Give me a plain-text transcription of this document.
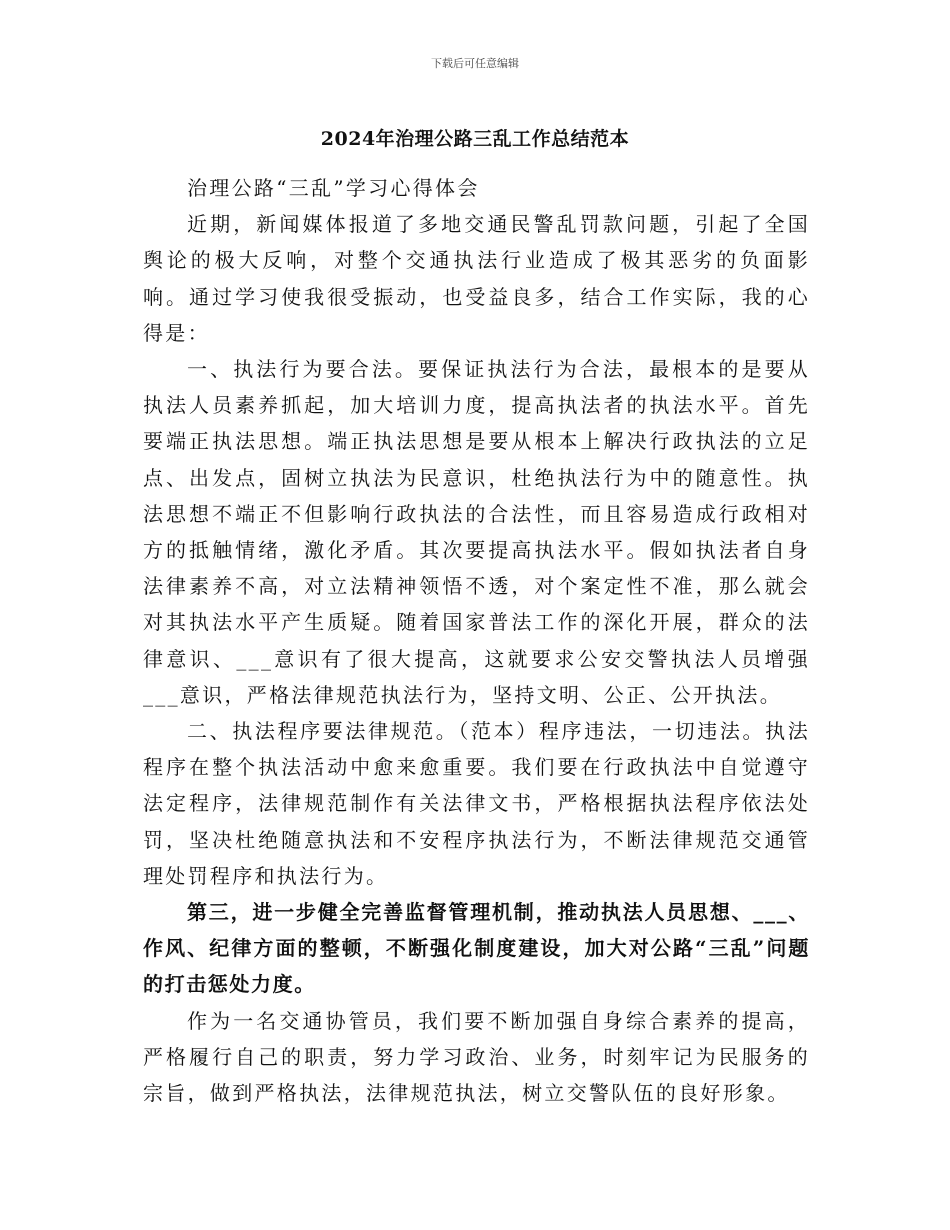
下载后可任意编辑
2024年治理公路三乱工作总结范本

治理公路“三乱”学习心得体会

近期，新闻媒体报道了多地交通民警乱罚款问题，引起了全国舆论的极大反响，对整个交通执法行业造成了极其恶劣的负面影响。通过学习使我很受振动，也受益良多，结合工作实际，我的心得是：

一、执法行为要合法。要保证执法行为合法，最根本的是要从执法人员素养抓起，加大培训力度，提高执法者的执法水平。首先要端正执法思想。端正执法思想是要从根本上解决行政执法的立足点、出发点，固树立执法为民意识，杜绝执法行为中的随意性。执法思想不端正不但影响行政执法的合法性，而且容易造成行政相对方的抵触情绪，激化矛盾。其次要提高执法水平。假如执法者自身法律素养不高，对立法精神领悟不透，对个案定性不准，那么就会对其执法水平产生质疑。随着国家普法工作的深化开展，群众的法律意识、___意识有了很大提高，这就要求公安交警执法人员增强___意识，严格法律规范执法行为，坚持文明、公正、公开执法。

二、执法程序要法律规范。（范本）程序违法，一切违法。执法程序在整个执法活动中愈来愈重要。我们要在行政执法中自觉遵守法定程序，法律规范制作有关法律文书，严格根据执法程序依法处罚，坚决杜绝随意执法和不安程序执法行为，不断法律规范交通管理处罚程序和执法行为。

第三，进一步健全完善监督管理机制，推动执法人员思想、___、作风、纪律方面的整顿，不断强化制度建设，加大对公路“三乱”问题的打击惩处力度。

作为一名交通协管员，我们要不断加强自身综合素养的提高，严格履行自己的职责，努力学习政治、业务，时刻牢记为民服务的宗旨，做到严格执法，法律规范执法，树立交警队伍的良好形象。
